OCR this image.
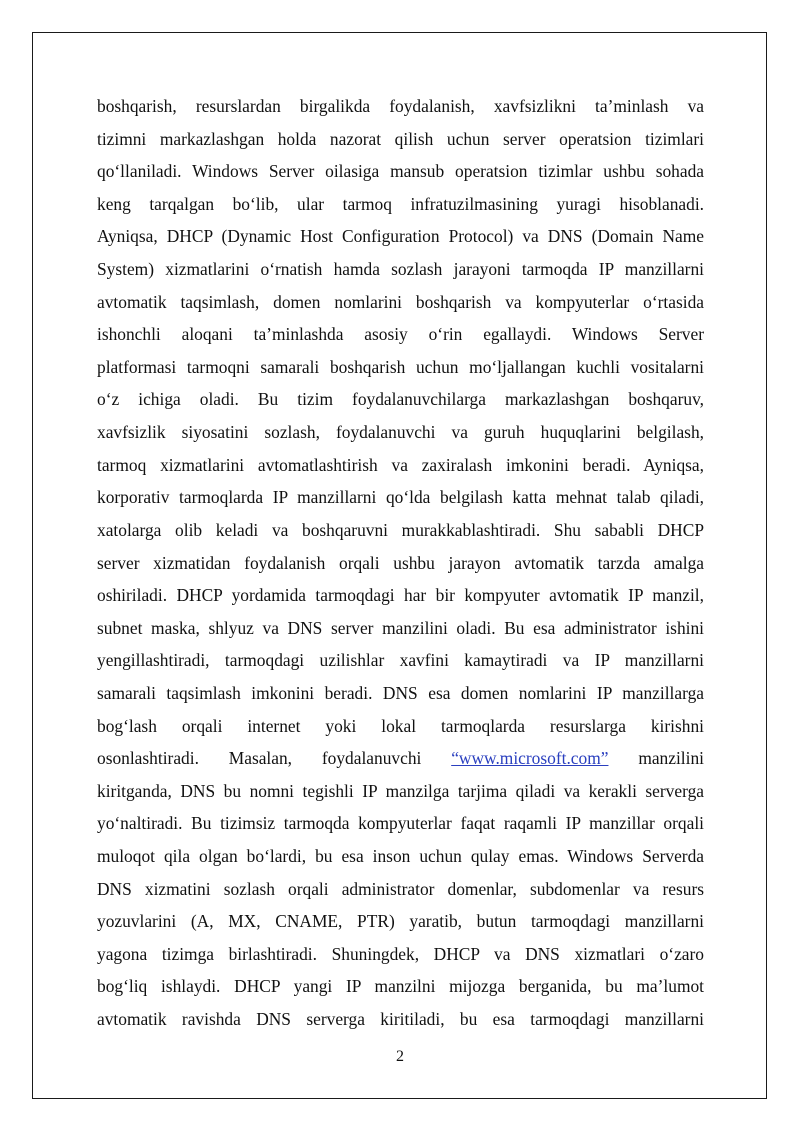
boshqarish, resurslardan birgalikda foydalanish, xavfsizlikni ta’minlash va
tizimni markazlashgan holda nazorat qilish uchun server operatsion tizimlari
qo‘llaniladi. Windows Server oilasiga mansub operatsion tizimlar ushbu sohada
keng tarqalgan bo‘lib, ular tarmoq infratuzilmasining yuragi hisoblanadi.
Ayniqsa, DHCP (Dynamic Host Configuration Protocol) va DNS (Domain Name
System) xizmatlarini o‘rnatish hamda sozlash jarayoni tarmoqda IP manzillarni
avtomatik taqsimlash, domen nomlarini boshqarish va kompyuterlar o‘rtasida
ishonchli aloqani ta’minlashda asosiy o‘rin egallaydi. Windows Server
platformasi tarmoqni samarali boshqarish uchun mo‘ljallangan kuchli vositalarni
o‘z ichiga oladi. Bu tizim foydalanuvchilarga markazlashgan boshqaruv,
xavfsizlik siyosatini sozlash, foydalanuvchi va guruh huquqlarini belgilash,
tarmoq xizmatlarini avtomatlashtirish va zaxiralash imkonini beradi. Ayniqsa,
korporativ tarmoqlarda IP manzillarni qo‘lda belgilash katta mehnat talab qiladi,
xatolarga olib keladi va boshqaruvni murakkablashtiradi. Shu sababli DHCP
server xizmatidan foydalanish orqali ushbu jarayon avtomatik tarzda amalga
oshiriladi. DHCP yordamida tarmoqdagi har bir kompyuter avtomatik IP manzil,
subnet maska, shlyuz va DNS server manzilini oladi. Bu esa administrator ishini
yengillashtiradi, tarmoqdagi uzilishlar xavfini kamaytiradi va IP manzillarni
samarali taqsimlash imkonini beradi. DNS esa domen nomlarini IP manzillarga
bog‘lash orqali internet yoki lokal tarmoqlarda resurslarga kirishni
osonlashtiradi. Masalan, foydalanuvchi “www.microsoft.com” manzilini
kiritganda, DNS bu nomni tegishli IP manzilga tarjima qiladi va kerakli serverga
yo‘naltiradi. Bu tizimsiz tarmoqda kompyuterlar faqat raqamli IP manzillar orqali
muloqot qila olgan bo‘lardi, bu esa inson uchun qulay emas. Windows Serverda
DNS xizmatini sozlash orqali administrator domenlar, subdomenlar va resurs
yozuvlarini (A, MX, CNAME, PTR) yaratib, butun tarmoqdagi manzillarni
yagona tizimga birlashtiradi. Shuningdek, DHCP va DNS xizmatlari o‘zaro
bog‘liq ishlaydi. DHCP yangi IP manzilni mijozga berganida, bu ma’lumot
avtomatik ravishda DNS serverga kiritiladi, bu esa tarmoqdagi manzillarni
2
